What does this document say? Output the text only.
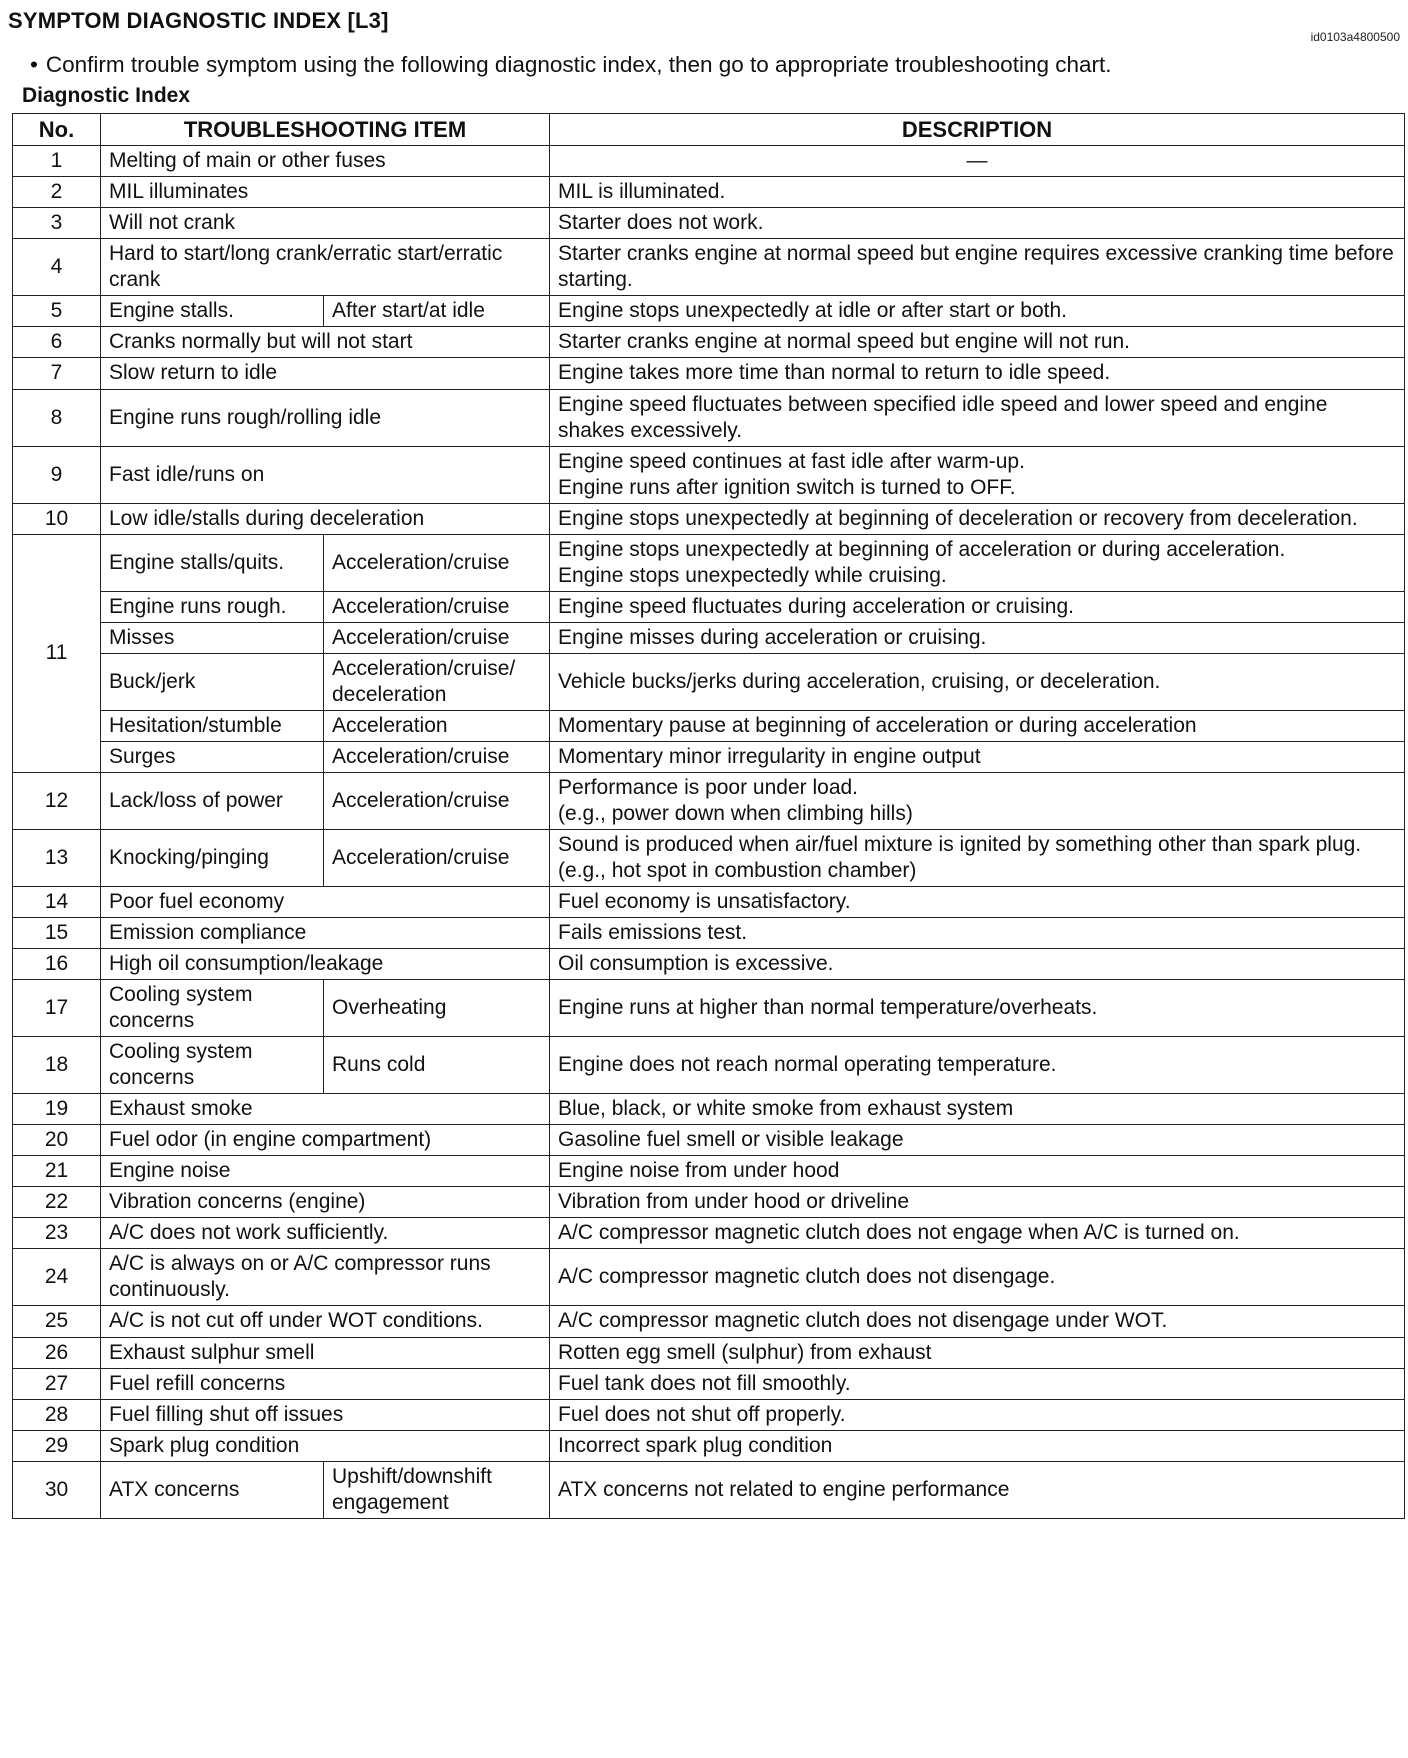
SYMPTOM DIAGNOSTIC INDEX [L3]
id0103a4800500
• Confirm trouble symptom using the following diagnostic index, then go to appropriate troubleshooting chart.
Diagnostic Index
No.	TROUBLESHOOTING ITEM		DESCRIPTION
1	Melting of main or other fuses		—

2	MIL illuminates		MIL is illuminated.

3	Will not crank		Starter does not work.

4	Hard to start/long crank/erratic start/erratic crank		Starter cranks engine at normal speed but engine requires excessive cranking time before starting.

5	Engine stalls.	After start/at idle	Engine stops unexpectedly at idle or after start or both.

6	Cranks normally but will not start		Starter cranks engine at normal speed but engine will not run.

7	Slow return to idle		Engine takes more time than normal to return to idle speed.

8	Engine runs rough/rolling idle		Engine speed fluctuates between specified idle speed and lower speed and engine shakes excessively.

9	Fast idle/runs on		Engine speed continues at fast idle after warm-up.
Engine runs after ignition switch is turned to OFF.

10	Low idle/stalls during deceleration		Engine stops unexpectedly at beginning of deceleration or recovery from deceleration.

11	Engine stalls/quits.	Acceleration/cruise	Engine stops unexpectedly at beginning of acceleration or during acceleration.
Engine stops unexpectedly while cruising.

	Engine runs rough.	Acceleration/cruise	Engine speed fluctuates during acceleration or cruising.

	Misses	Acceleration/cruise	Engine misses during acceleration or cruising.

	Buck/jerk	Acceleration/cruise/ deceleration	Vehicle bucks/jerks during acceleration, cruising, or deceleration.

	Hesitation/stumble	Acceleration	Momentary pause at beginning of acceleration or during acceleration

	Surges	Acceleration/cruise	Momentary minor irregularity in engine output

12	Lack/loss of power	Acceleration/cruise	Performance is poor under load.
(e.g., power down when climbing hills)

13	Knocking/pinging	Acceleration/cruise	Sound is produced when air/fuel mixture is ignited by something other than spark plug. (e.g., hot spot in combustion chamber)

14	Poor fuel economy		Fuel economy is unsatisfactory.

15	Emission compliance		Fails emissions test.

16	High oil consumption/leakage		Oil consumption is excessive.

17	Cooling system concerns	Overheating	Engine runs at higher than normal temperature/overheats.

18	Cooling system concerns	Runs cold	Engine does not reach normal operating temperature.

19	Exhaust smoke		Blue, black, or white smoke from exhaust system

20	Fuel odor (in engine compartment)		Gasoline fuel smell or visible leakage

21	Engine noise		Engine noise from under hood

22	Vibration concerns (engine)		Vibration from under hood or driveline

23	A/C does not work sufficiently.		A/C compressor magnetic clutch does not engage when A/C is turned on.

24	A/C is always on or A/C compressor runs continuously.		A/C compressor magnetic clutch does not disengage.

25	A/C is not cut off under WOT conditions.		A/C compressor magnetic clutch does not disengage under WOT.

26	Exhaust sulphur smell		Rotten egg smell (sulphur) from exhaust

27	Fuel refill concerns		Fuel tank does not fill smoothly.

28	Fuel filling shut off issues		Fuel does not shut off properly.

29	Spark plug condition		Incorrect spark plug condition

30	ATX concerns	Upshift/downshift engagement	ATX concerns not related to engine performance
